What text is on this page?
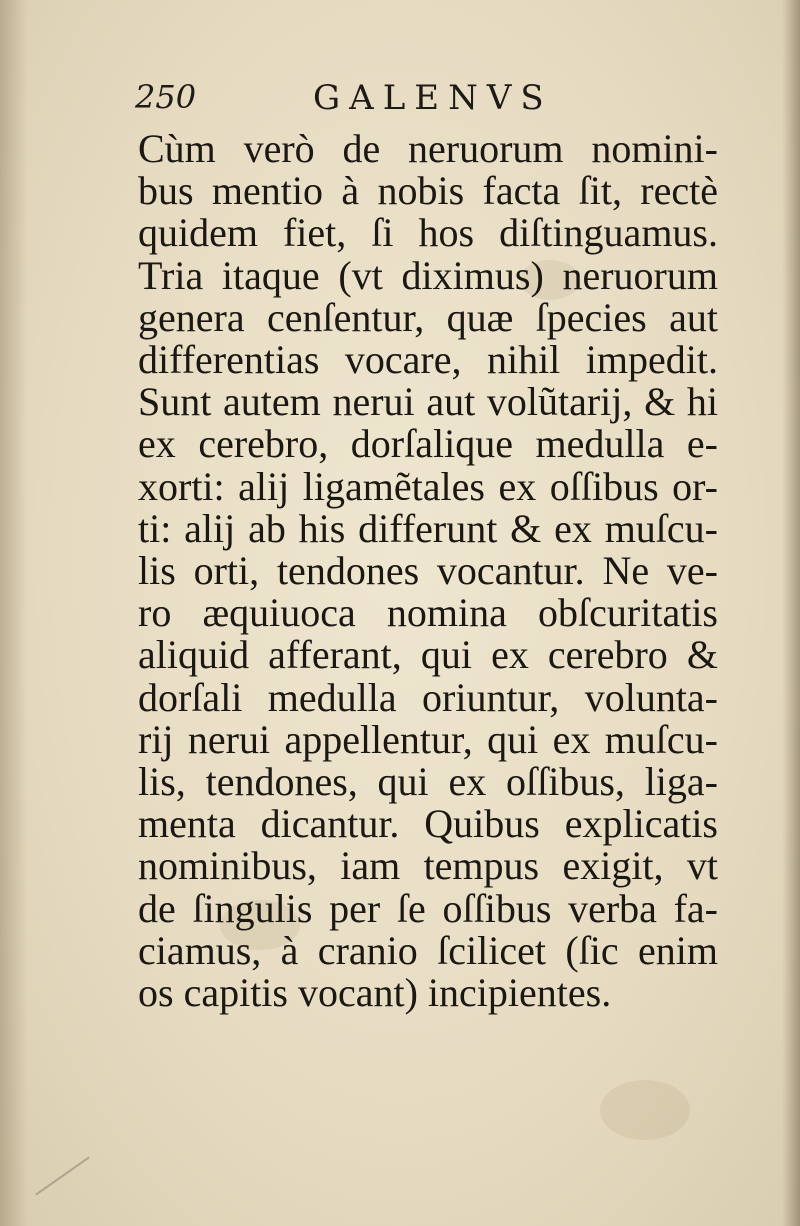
250	GALENVS
Cùm verò de neruorum nomini-
bus mentio à nobis facta ſit, rectè
quidem fiet, ſi hos diſtinguamus.
Tria itaque (vt diximus) neruorum
genera cenſentur, quæ ſpecies aut
differentias vocare, nihil impedit.
Sunt autem nerui aut volũtarij, & hi
ex cerebro, dorſalique medulla e-
xorti: alij ligamẽtales ex oſſibus or-
ti: alij ab his differunt & ex muſcu-
lis orti, tendones vocantur. Ne ve-
ro æquiuoca nomina obſcuritatis
aliquid afferant, qui ex cerebro &
dorſali medulla oriuntur, volunta-
rij nerui appellentur, qui ex muſcu-
lis, tendones, qui ex oſſibus, liga-
menta dicantur. Quibus explicatis
nominibus, iam tempus exigit, vt
de ſingulis per ſe oſſibus verba fa-
ciamus, à cranio ſcilicet (ſic enim
os capitis vocant) incipientes.
